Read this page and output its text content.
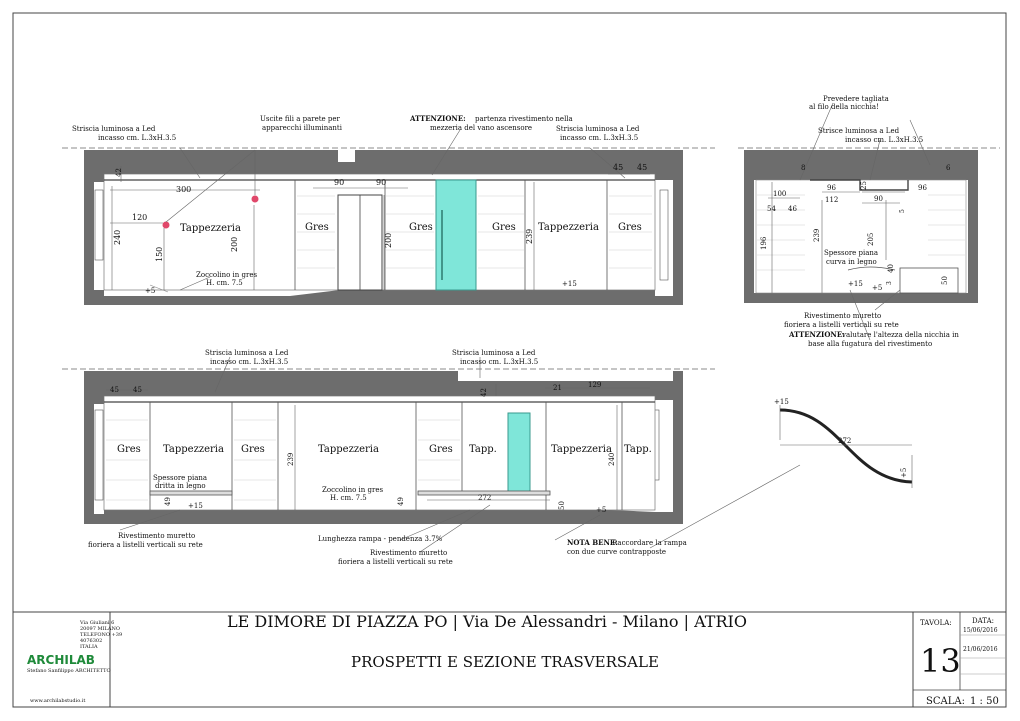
42
300
120
240
150
200
90	90
200	239
45 45
+5
+15
Tappezzeria	Gres	Gres	Gres Tappezzeria Gres
Zoccolino in gres
H. cm. 7.5
Striscia luminosa a Led
incasso cm. L.3xH.3.5
Uscite fili a parete per
apparecchi illuminanti
ATTENZIONE: partenza rivestimento nella
mezzeria del vano ascensore	Striscia luminosa a Led
incasso cm. L.3xH.3.5
Prevedere tagliata
al filo della nicchia!
Strisce luminosa a Led
incasso cm. L.3xH.3.5
8	6
100
96	25	96
112	90
5
54 46
239	205
196
40
3	50
+15 +5
Spessore piana
curva in legno
Rivestimento muretto
fioriera a listelli verticali su rete
ATTENZIONE:
valutare l'altezza della nicchia in
base alla fugatura del rivestimento
45 45	42
21	129
239	240
49	49	50
272
+15	+5
Gres Tappezzeria Gres	Tappezzeria	Gres Tapp.	Tappezzeria Tapp.
Spessore piana
dritta in legno	Zoccolino in gres
H. cm. 7.5
Striscia luminosa a Led
incasso cm. L.3xH.3.5
Striscia luminosa a Led
incasso cm. L.3xH.3.5
Rivestimento muretto
fioriera a listelli verticali su rete
Lunghezza rampa - pendenza 3.7%
Rivestimento muretto
fioriera a listelli verticali su rete
NOTA BENE:
Raccordare la rampa
con due curve contrapposte
+15
272
+5
LE DIMORE DI PIAZZA PO | Via De Alessandri - Milano | ATRIO
PROSPETTI E SEZIONE TRASVERSALE
TAVOLA:
13
DATA:
15/06/2016
21/06/2016
SCALA: 1 : 50
Via Giuliani 6
20097 MILANO
TELEFONO +39
4076302
ITALIA
ARCHILAB
Stefano Sanfilippo ARCHITETTO
www.archilabstudio.it
